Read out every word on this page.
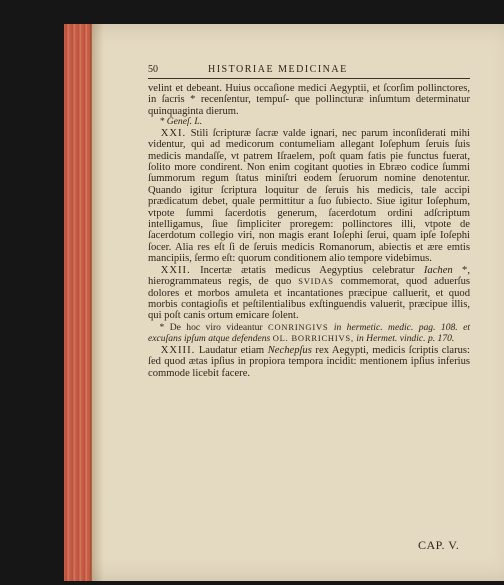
50	HISTORIAE MEDICINAE

velint et debeant. Huius occaſione medici Aegyptii, et ſcorſim pollinctores, in ſacris * recenſentur, tempuſ- que pollincturæ inſumtum determinatur quinquaginta dierum.

* Geneſ. L.

XXI. Stili ſcripturæ ſacræ valde ignari, nec parum inconſiderati mihi videntur, qui ad medicorum contumeliam allegant Ioſephum ſeruis ſuis medicis mandaſſe, vt patrem Iſraelem, poſt quam fatis pie functus fuerat, ſolito more condirent. Non enim cogitant quoties in Ebræo codice ſummi ſummorum regum ſtatus miniſtri eodem ſeruorum nomine denotentur. Quando igitur ſcriptura loquitur de ſeruis his medicis, tale accipi prædicatum debet, quale permittitur a ſuo ſubiecto. Siue igitur Ioſephum, vtpote ſummi ſacerdotis generum, ſacerdotum ordini adſcriptum intelligamus, ſiue ſimpliciter proregem: pollinctores illi, vtpote de ſacerdotum collegio viri, non magis erant Ioſephi ſerui, quam ipſe Ioſephi ſocer. Alia res eſt ſi de ſeruis medicis Romanorum, abiectis et ære emtis mancipiis, ſermo eſt: quorum conditionem alio tempore videbimus.

XXII. Incertæ ætatis medicus Aegyptius celebratur Iachen *, hierogrammateus regis, de quo SVIDAS commemorat, quod aduerſus dolores et morbos amuleta et incantationes præcipue calluerit, et quod morbis contagioſis et peſtilentialibus exſtinguendis valuerit, præcipue illis, qui poſt canis ortum emicare ſolent.

* De hoc viro videantur CONRINGIVS in hermetic. medic. pag. 108. et excuſans ipſum atque defendens OL. BORRICHIVS, in Hermet. vindic. p. 170.

XXIII. Laudatur etiam Nechepſus rex Aegypti, medicis ſcriptis clarus: ſed quod ætas ipſius in propiora tempora incidit: mentionem ipſius inferius commode licebit facere.

CAP. V.
